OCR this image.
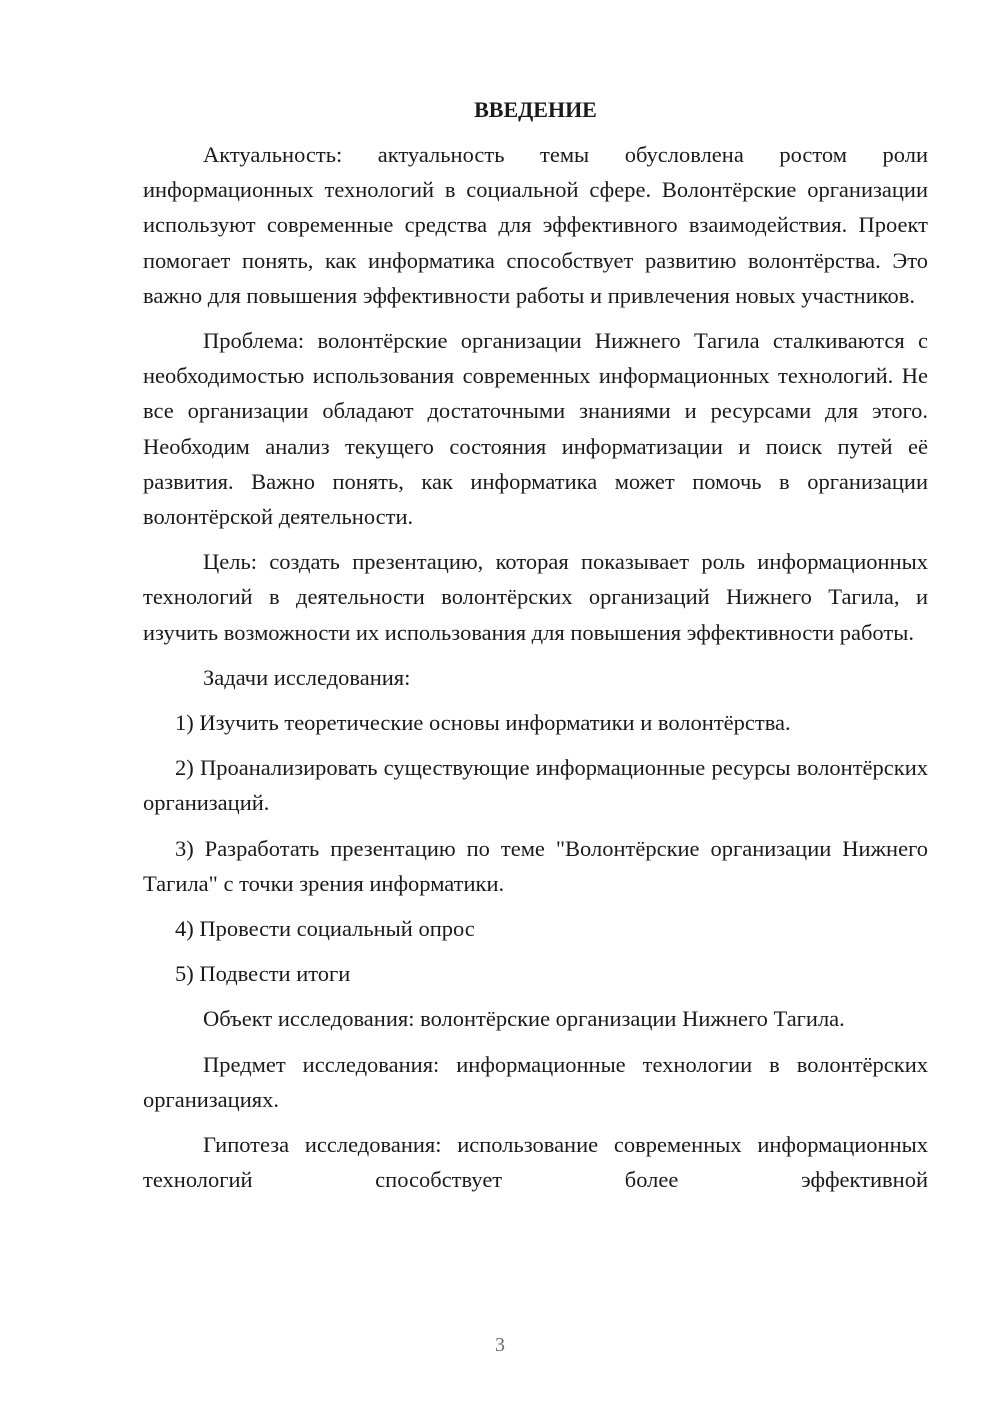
ВВЕДЕНИЕ

Актуальность: актуальность темы обусловлена ростом роли информационных технологий в социальной сфере. Волонтёрские организации используют современные средства для эффективного взаимодействия. Проект помогает понять, как информатика способствует развитию волонтёрства. Это важно для повышения эффективности работы и привлечения новых участников.

Проблема: волонтёрские организации Нижнего Тагила сталкиваются с необходимостью использования современных информационных технологий. Не все организации обладают достаточными знаниями и ресурсами для этого. Необходим анализ текущего состояния информатизации и поиск путей её развития. Важно понять, как информатика может помочь в организации волонтёрской деятельности.

Цель: создать презентацию, которая показывает роль информационных технологий в деятельности волонтёрских организаций Нижнего Тагила, и изучить возможности их использования для повышения эффективности работы.

Задачи исследования:

1) Изучить теоретические основы информатики и волонтёрства.

2) Проанализировать существующие информационные ресурсы волонтёрских организаций.

3) Разработать презентацию по теме "Волонтёрские организации Нижнего Тагила" с точки зрения информатики.

4) Провести социальный опрос

5) Подвести итоги

Объект исследования: волонтёрские организации Нижнего Тагила.

Предмет исследования: информационные технологии в волонтёрских организациях.

Гипотеза исследования: использование современных информационных технологий способствует более эффективной

3
